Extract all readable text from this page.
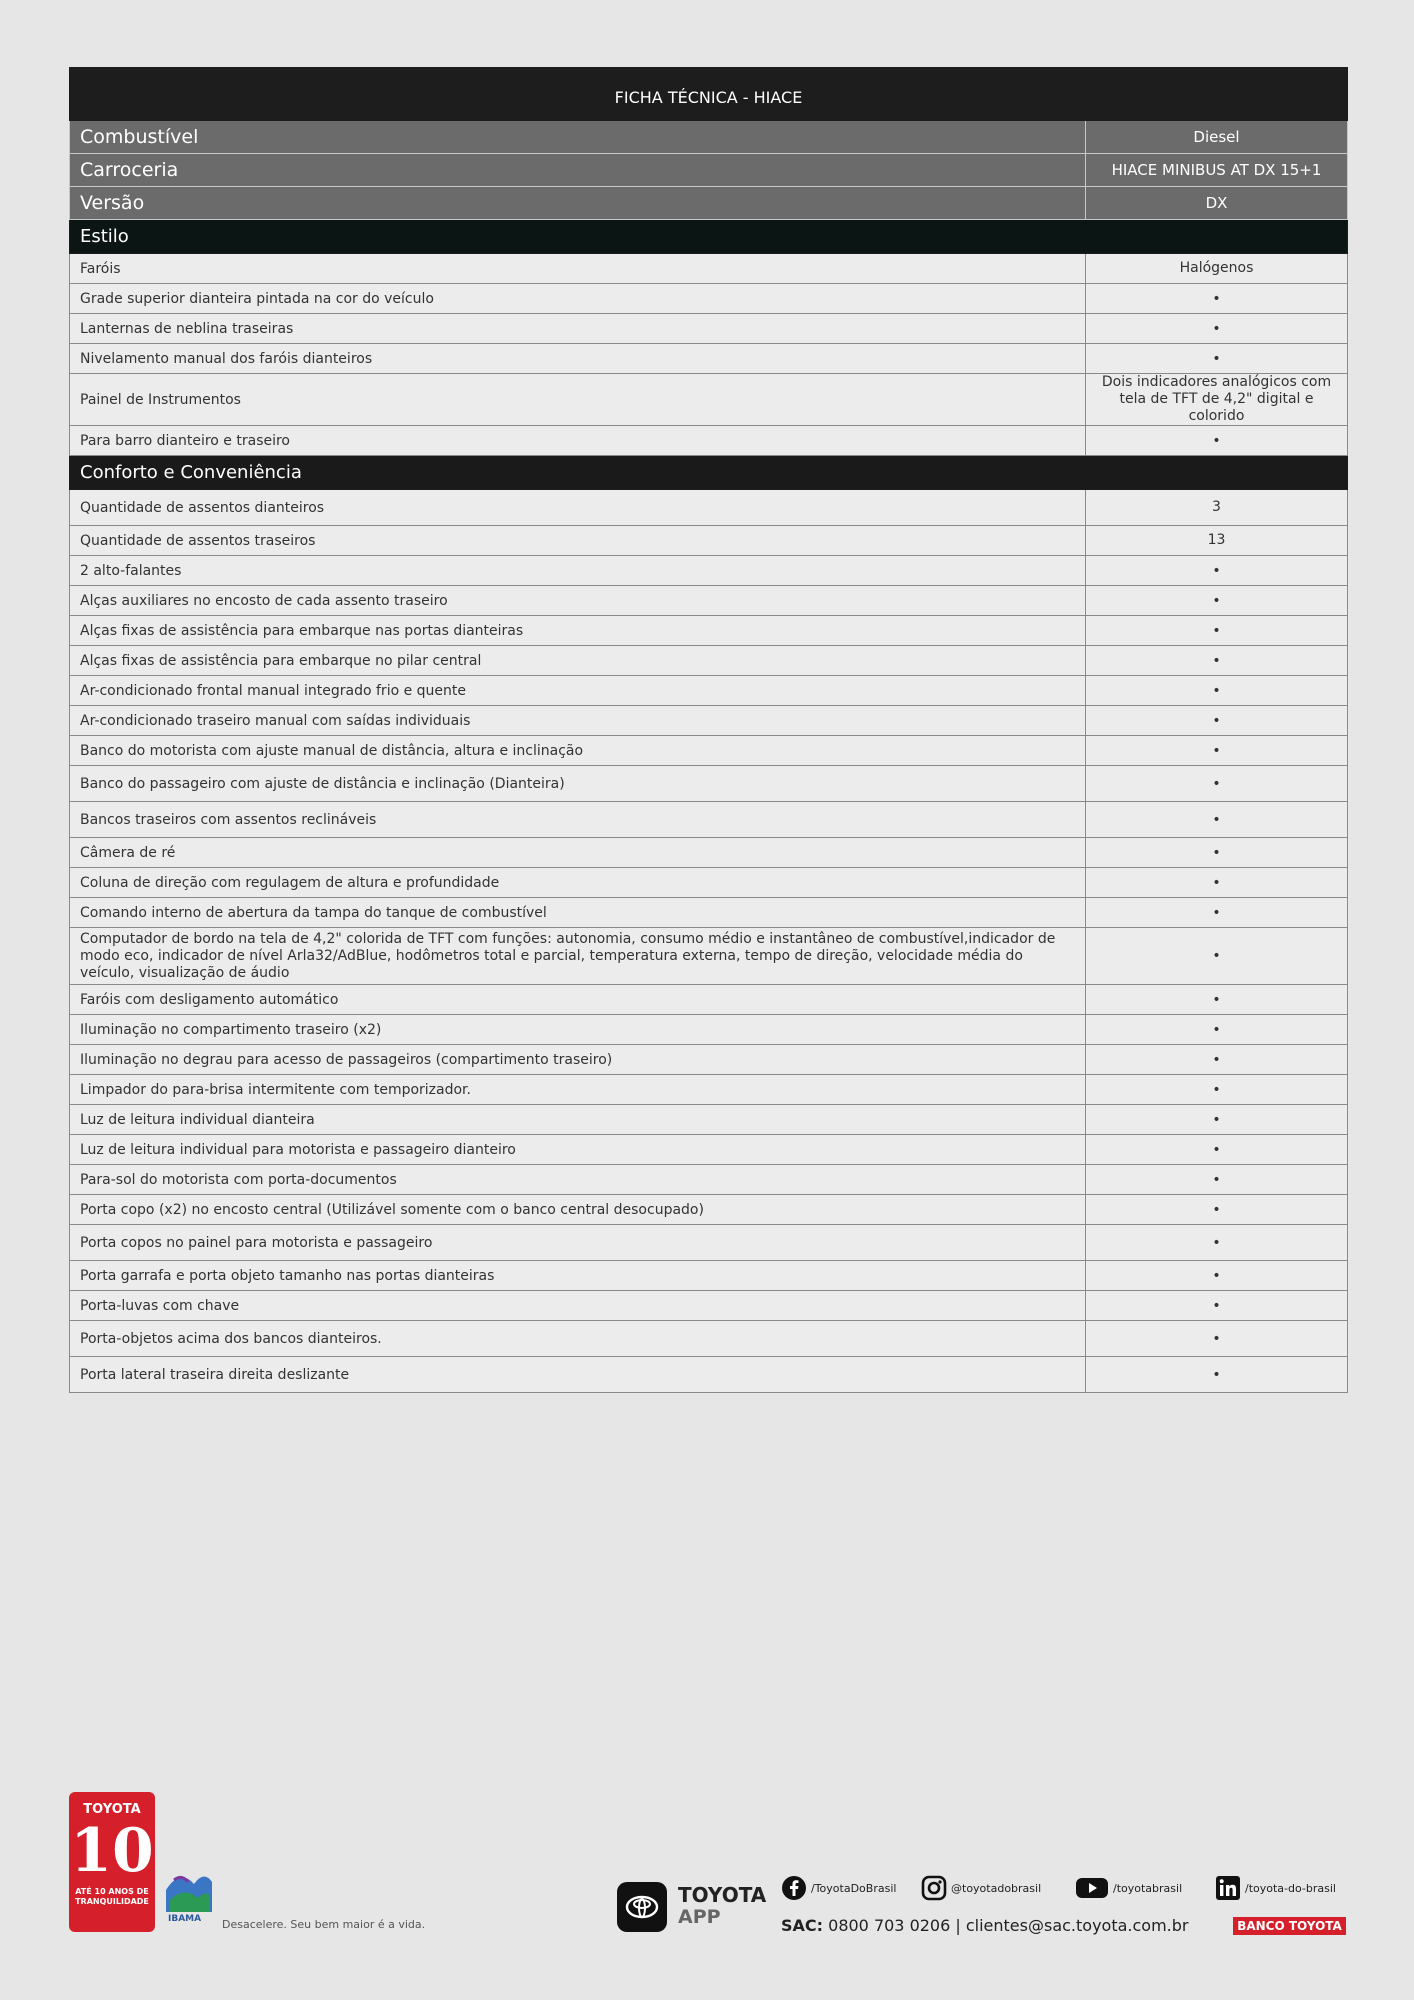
FICHA TÉCNICA - HIACE	
Combustível	Diesel
Carroceria	HIACE MINIBUS AT DX 15+1
Versão	DX
Estilo	
Faróis	Halógenos
Grade superior dianteira pintada na cor do veículo	•
Lanternas de neblina traseiras	•
Nivelamento manual dos faróis dianteiros	•
Painel de Instrumentos	Dois indicadores analógicos com tela de TFT de 4,2" digital e colorido
Para barro dianteiro e traseiro	•
Conforto e Conveniência	
Quantidade de assentos dianteiros	3
Quantidade de assentos traseiros	13
2 alto-falantes	•
Alças auxiliares no encosto de cada assento traseiro	•
Alças fixas de assistência para embarque nas portas dianteiras	•
Alças fixas de assistência para embarque no pilar central	•
Ar-condicionado frontal manual integrado frio e quente	•
Ar-condicionado traseiro manual com saídas individuais	•
Banco do motorista com ajuste manual de distância, altura e inclinação	•
Banco do passageiro com ajuste de distância e inclinação (Dianteira)	•
Bancos traseiros com assentos reclináveis	•
Câmera de ré	•
Coluna de direção com regulagem de altura e profundidade	•
Comando interno de abertura da tampa do tanque de combustível	•
Computador de bordo na tela de 4,2" colorida de TFT com funções: autonomia, consumo médio e instantâneo de combustível,indicador de modo eco, indicador de nível Arla32/AdBlue, hodômetros total e parcial, temperatura externa, tempo de direção, velocidade média do veículo, visualização de áudio	•
Faróis com desligamento automático	•
Iluminação no compartimento traseiro (x2)	•
Iluminação no degrau para acesso de passageiros (compartimento traseiro)	•
Limpador do para-brisa intermitente com temporizador.	•
Luz de leitura individual dianteira	•
Luz de leitura individual para motorista e passageiro dianteiro	•
Para-sol do motorista com porta-documentos	•
Porta copo (x2) no encosto central (Utilizável somente com o banco central desocupado)	•
Porta copos no painel para motorista e passageiro	•
Porta garrafa e porta objeto tamanho nas portas dianteiras	•
Porta-luvas com chave	•
Porta-objetos acima dos bancos dianteiros.	•
Porta lateral traseira direita deslizante	•
TOYOTA
10
ATÉ 10 ANOS DE TRANQUILIDADE
IBAMA Desacelere. Seu bem maior é a vida.
TOYOTA
APP
/ToyotaDoBrasil	@toyotadobrasil	/toyotabrasil	/toyota-do-brasil
SAC: 0800 703 0206 | clientes@sac.toyota.com.br	BANCO TOYOTA
